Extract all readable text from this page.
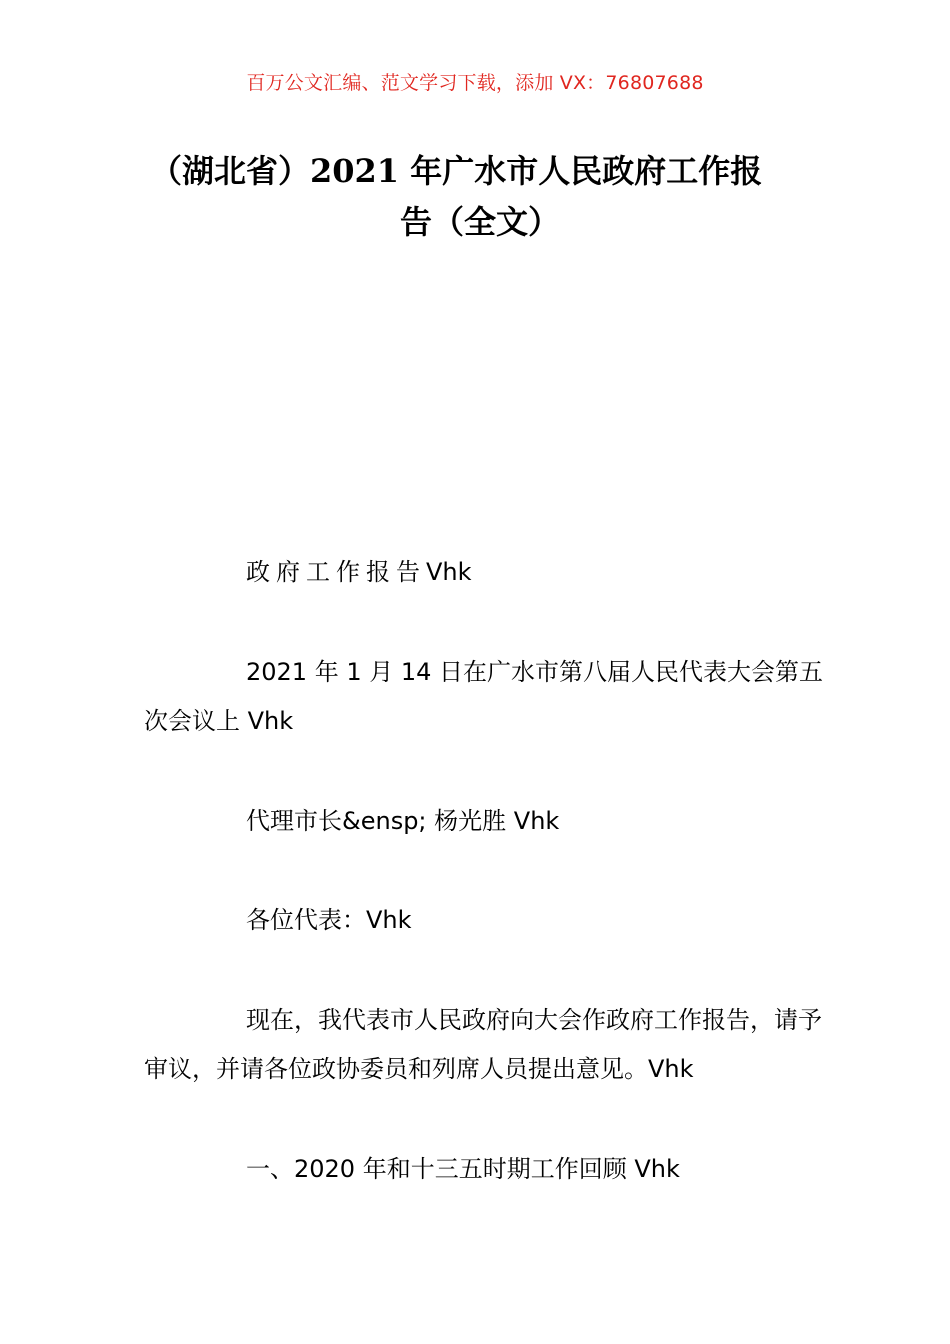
百万公文汇编、范文学习下载，添加 VX：76807688
（湖北省）2021 年广水市人民政府工作报
告（全文）
政府工作报告Vhk
2021 年 1 月 14 日在广水市第八届人民代表大会第五次会议上 Vhk
代理市长&ensp; 杨光胜 Vhk
各位代表：Vhk
现在，我代表市人民政府向大会作政府工作报告，请予审议，并请各位政协委员和列席人员提出意见。Vhk
一、2020 年和十三五时期工作回顾 Vhk
